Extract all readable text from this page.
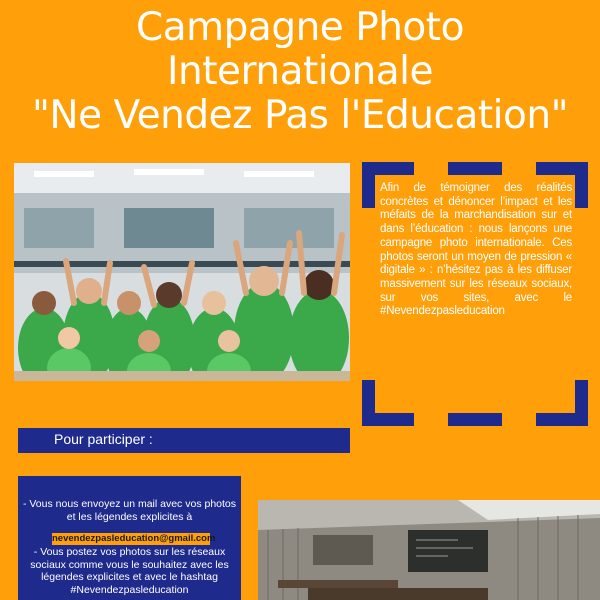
Campagne Photo
Internationale
"Ne Vendez Pas l'Education"
Afin de témoigner des réalités concrètes et dénoncer l’impact et les méfaits de la marchandisation sur et dans l’éducation : nous lançons une campagne photo internationale. Ces photos seront un moyen de pression « digitale » : n’hésitez pas à les diffuser massivement sur les réseaux sociaux, sur vos sites, avec le #Nevendezpasleducation
Pour participer :
- Vous nous envoyez un mail avec vos photos et les légendes explicites à
nevendezpasleducation@gmail.com
- Vous postez vos photos sur les réseaux sociaux comme vous le souhaitez avec les légendes explicites et avec le hashtag #Nevendezpasleducation
